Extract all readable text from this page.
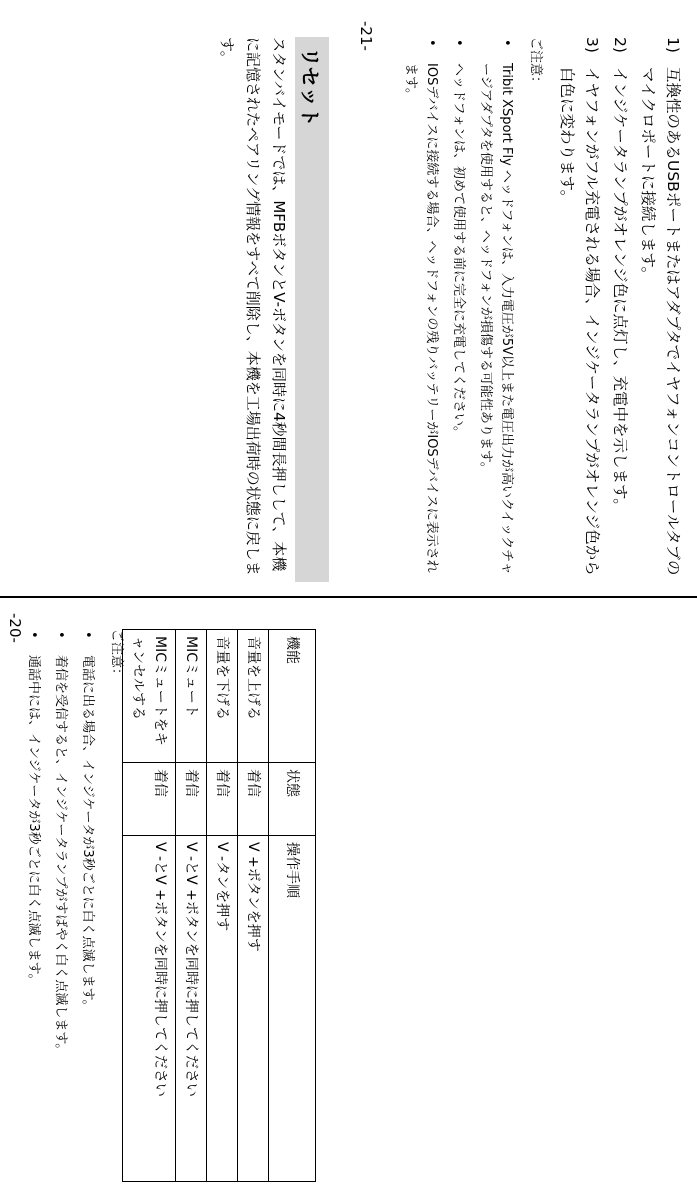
1)
互換性のあるUSBポートまたはアダプタでイヤフォンコントロールタブのマイクロポートに接続します。
2)
インジケータランプがオレンジ色に点灯し、充電中を示します。
3)
イヤフォンがフル充電される場合、インジケータランプがオレンジ色から白色に変わります。
ご注意：
• Tribit XSport Fly ヘッドフォンは、入力電圧が5V以上また電圧出力が高いクイックチャージアダプタを使用すると、ヘッドフォンが損傷する可能性あります。
• ヘッドフォンは、初めて使用する前に完全に充電してください。
• IOSデバイスに接続する場合、ヘッドフォンの残りバッテリーがIOSデバイスに表示されます。
リセット
スタンバイモードでは、MFBボタンとV-ボタンを同時に4秒間長押しして、本機に記憶されたペアリング情報をすべて削除し、本機を工場出荷時の状態に戻します。
-21-
機能	状態	操作手順
音量を上げる	着信	V +ボタンを押す
音量を下げる	着信	V -タンを押す
MICミュート	着信	V -とV +ボタンを同時に押してください
MICミュートをキャンセルする	着信	V -とV +ボタンを同時に押してください
ご注意：
• 電話に出る場合、インジケータが3秒ごとに白く点滅します。
• 着信を受信すると、インジケータランプがすばやく白く点滅します。
• 通話中には、インジケータが3秒ごとに白く点滅します。
-20-
